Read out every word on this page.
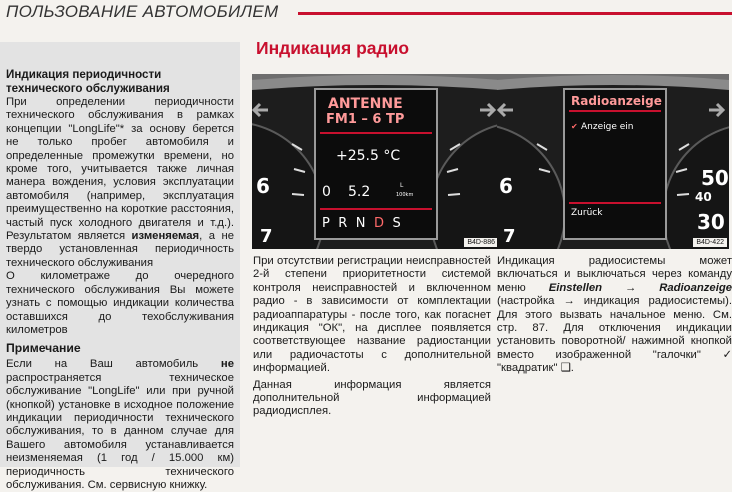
ПОЛЬЗОВАНИЕ АВТОМОБИЛЕМ

Индикация периодичности технического обслуживания

При определении периодичности технического обслуживания в рамках концепции "LongLife"* за основу берется не только пробег автомобиля и определенные промежутки времени, но кроме того, учитывается также личная манера вождения, условия эксплуатации автомобиля (например, эксплуатация преимущественно на короткие расстояния, частый пуск холодного двигателя и т.д.). Результатом является изменяемая, а не твердо установленная периодичность технического обслуживания

О километраже до очередного технического обслуживания Вы можете узнать с помощью индикации количества оставшихся до техобслуживания километров

Примечание

Если на Ваш автомобиль не распространяется техническое обслуживание "LongLife" или при ручной (кнопкой) установке в исходное положение индикации периодичности технического обслуживания, то в данном случае для Вашего автомобиля устанавливается неизменяемая (1 год / 15.000 км) периодичность технического обслуживания. См. сервисную книжку.

Индикация радио
6
7
ANTENNE
FM1 – 6 TP
+25.5 °C
0 5.2	L
100km
P R N D S
B4D-886
6
7
50
40
30
Radioanzeige
✔ Anzeige ein
Zurück
B4D-422

При отсутствии регистрации неисправностей 2-й степени приоритетности системой контроля неисправностей и включенном радио - в зависимости от комплектации радиоаппаратуры - после того, как погаснет индикация "ОК", на дисплее появляется соответствующее название радиостанции или радиочастоты с дополнительной информацией.

Данная информация является дополнительной информацией радиодисплея.

Индикация радиосистемы может включаться и выключаться через команду меню Einstellen → Radioanzeige (настройка → индикация радиосистемы). Для этого вызвать начальное меню. См. стр. 87. Для отключения индикации установить поворотной/ нажимной кнопкой вместо изображенной "галочки" ✓ "квадратик" ❑.
